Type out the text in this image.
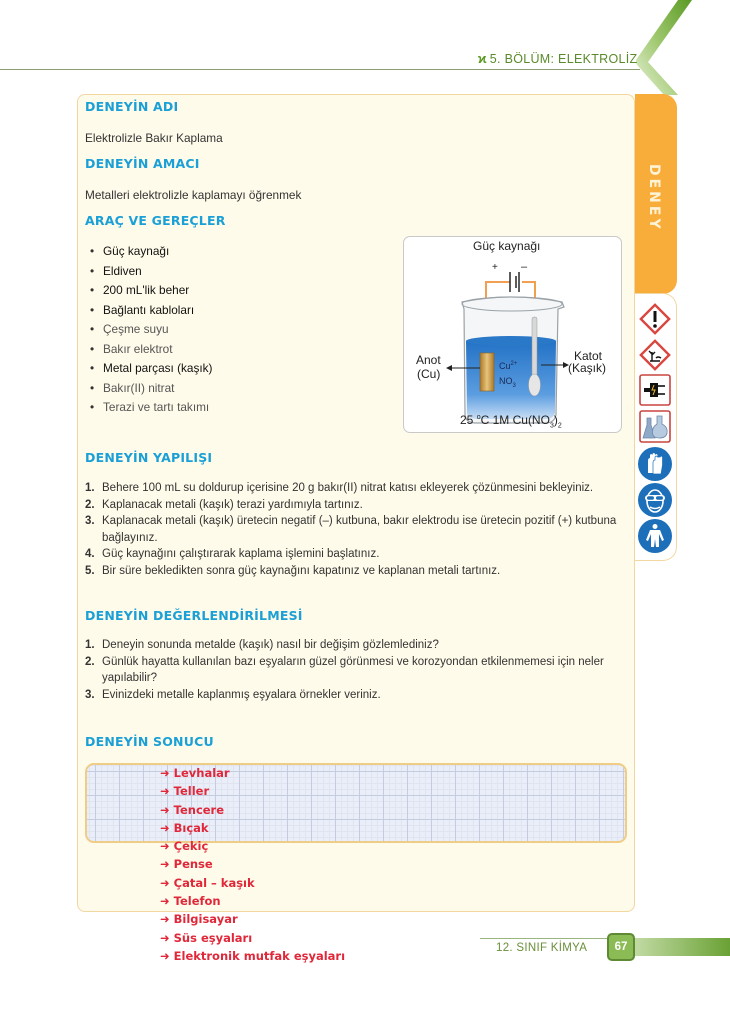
ϰ 5. BÖLÜM: ELEKTROLİZ
DENEYİN ADI
Elektrolizle Bakır Kaplama
DENEYİN AMACI
Metalleri elektrolizle kaplamayı öğrenmek
ARAÇ VE GEREÇLER
• Güç kaynağı
• Eldiven
• 200 mL'lik beher
• Bağlantı kabloları
• Çeşme suyu
• Bakır elektrot
• Metal parçası (kaşık)
• Bakır(II) nitrat
• Terazi ve tartı takımı
Güç kaynağı
+ –
Anot
(Cu)
Katot
(Kaşık)
$Cu^{2+}$
$NO_3$
25 $^o$C 1M $Cu(NO_3)_2$
DENEYİN YAPILIŞI
1. Behere 100 mL su doldurup içerisine 20 g bakır(II) nitrat katısı ekleyerek çözünmesini bekleyiniz.
2. Kaplanacak metali (kaşık) terazi yardımıyla tartınız.
3. Kaplanacak metali (kaşık) üretecin negatif (–) kutbuna, bakır elektrodu ise üretecin pozitif (+) kutbuna bağlayınız.
4. Güç kaynağını çalıştırarak kaplama işlemini başlatınız.
5. Bir süre bekledikten sonra güç kaynağını kapatınız ve kaplanan metali tartınız.
DENEYİN DEĞERLENDİRİLMESİ
1. Deneyin sonunda metalde (kaşık) nasıl bir değişim gözlemlediniz?
2. Günlük hayatta kullanılan bazı eşyaların güzel görünmesi ve korozyondan etkilenmemesi için neler yapılabilir?
3. Evinizdeki metalle kaplanmış eşyalara örnekler veriniz.
DENEYİN SONUCU
➜ Levhalar
➜ Teller
➜ Tencere
➜ Bıçak
➜ Çekiç
➜ Pense
➜ Çatal – kaşık
➜ Telefon
➜ Bilgisayar
➜ Süs eşyaları
➜ Elektronik mutfak eşyaları
DENEY
12. SINIF KİMYA	67
